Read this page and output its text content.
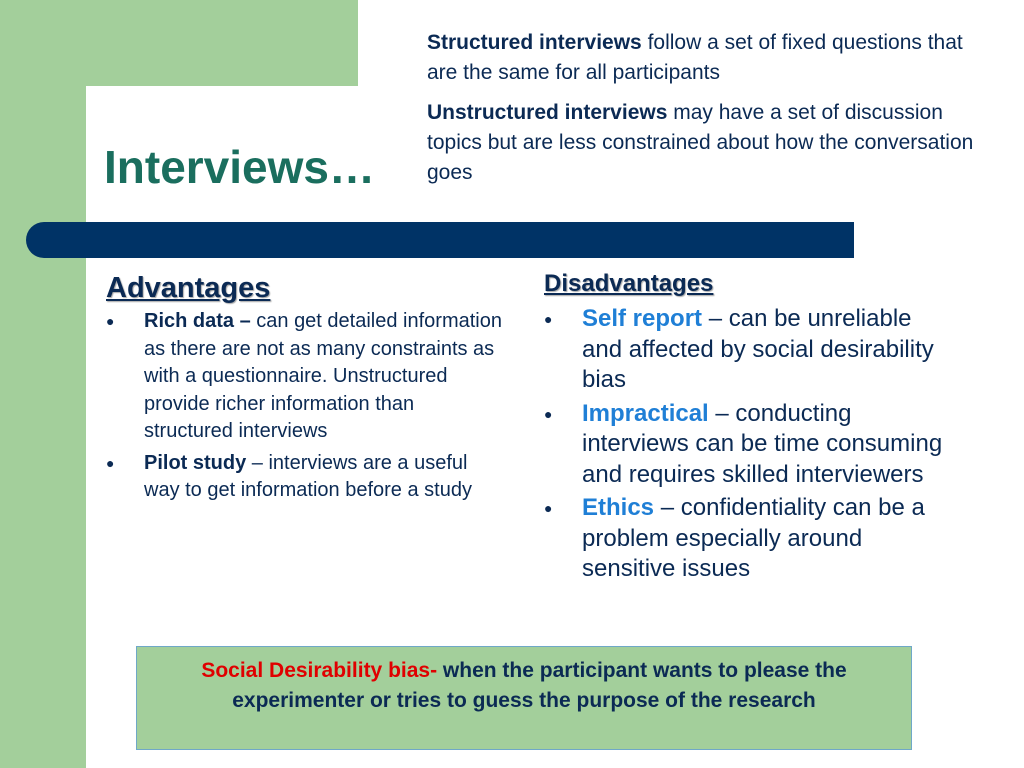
Interviews…

Structured interviews follow a set of fixed questions that are the same for all participants

Unstructured interviews may have a set of discussion topics but are less constrained about how the conversation goes

Advantages
● Rich data – can get detailed information as there are not as many constraints as with a questionnaire. Unstructured provide richer information than structured interviews
● Pilot study – interviews are a useful way to get information before a study
Disadvantages
● Self report – can be unreliable and affected by social desirability bias
● Impractical – conducting interviews can be time consuming and requires skilled interviewers
● Ethics – confidentiality can be a problem especially around sensitive issues
Social Desirability bias- when the participant wants to please the experimenter or tries to guess the purpose of the research
